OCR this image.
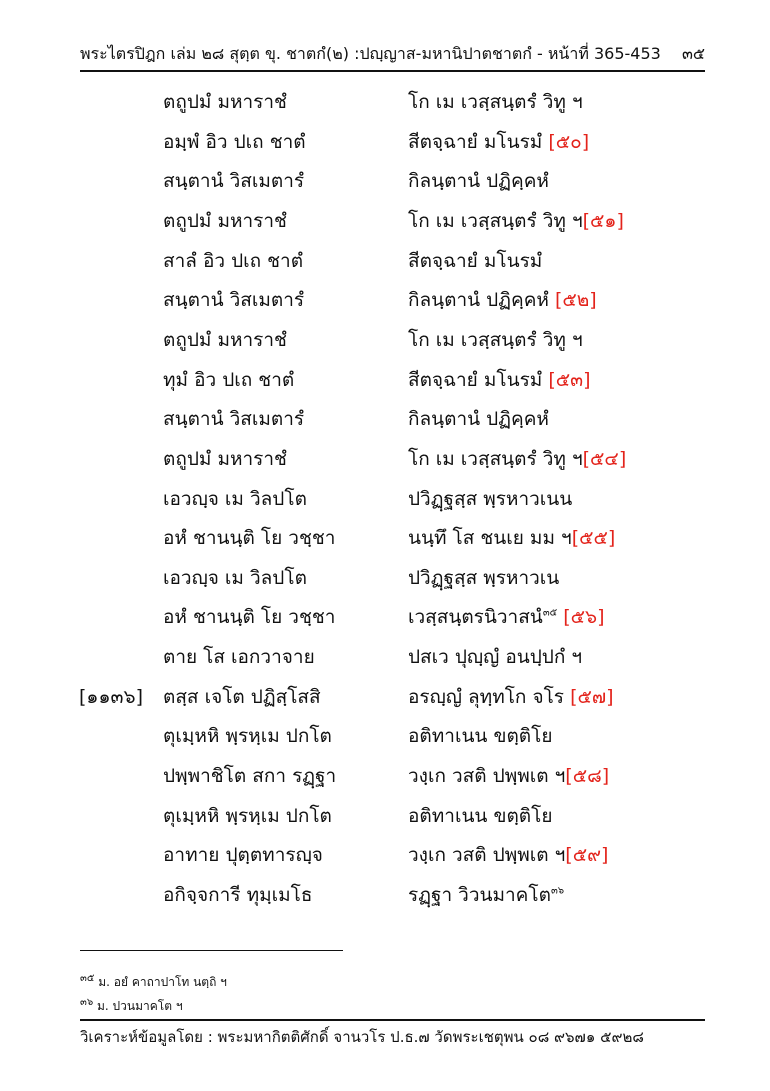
พระไตรปิฎก เล่ม ๒๘ สุตฺต ขุ. ชาตกํ(๒) :ปญฺญาส-มหานิปาตชาตกํ - หน้าที่ 365-453 ๓๕
ตถูปมํ มหาราชํ	โก เม เวสฺสนฺตรํ วิทู ฯ
อมฺพํ อิว ปเถ ชาตํ	สีตจฺฉายํ มโนรมํ [๕๐]
สนฺตานํ วิสเมตารํ	กิลนฺตานํ ปฏิคฺคหํ
ตถูปมํ มหาราชํ	โก เม เวสฺสนฺตรํ วิทู ฯ[๕๑]
สาลํ อิว ปเถ ชาตํ	สีตจฺฉายํ มโนรมํ
สนฺตานํ วิสเมตารํ	กิลนฺตานํ ปฏิคฺคหํ [๕๒]
ตถูปมํ มหาราชํ	โก เม เวสฺสนฺตรํ วิทู ฯ
ทุมํ อิว ปเถ ชาตํ	สีตจฺฉายํ มโนรมํ [๕๓]
สนฺตานํ วิสเมตารํ	กิลนฺตานํ ปฏิคฺคหํ
ตถูปมํ มหาราชํ	โก เม เวสฺสนฺตรํ วิทู ฯ[๕๔]
เอวญฺจ เม วิลปโต	ปวิฏฺฐสฺส พฺรหาวเนน
อหํ ชานนฺติ โย วชฺชา	นนฺทึ โส ชนเย มม ฯ[๕๕]
เอวญฺจ เม วิลปโต	ปวิฏฺฐสฺส พฺรหาวเน
อหํ ชานนฺติ โย วชฺชา	เวสฺสนฺตรนิวาสนํ$^{๓๕}$ [๕๖]
ตาย โส เอกวาจาย	ปสเว ปุญฺญํ อนปฺปกํ ฯ
[๑๑๓๖] ตสฺส เจโต ปฏิสฺโสสิ	อรญฺญํ ลุทฺทโก จโร [๕๗]
ตุเมฺหหิ พฺรหฺเม ปกโต	อติทาเนน ขตฺติโย
ปพฺพาชิโต สกา รฏฺฐา	วงฺเก วสติ ปพฺพเต ฯ[๕๘]
ตุเมฺหหิ พฺรหฺเม ปกโต	อติทาเนน ขตฺติโย
อาทาย ปุตฺตทารญฺจ	วงฺเก วสติ ปพฺพเต ฯ[๕๙]
อกิจฺจการี ทุมฺเมโธ	รฏฺฐา วิวนมาคโต$^{๓๖}$
$^{๓๕}$ ม. อยํ คาถาปาโท นตฺถิ ฯ
$^{๓๖}$ ม. ปวนมาคโต ฯ
วิเคราะห์ข้อมูลโดย : พระมหากิตติศักดิ์ จานวโร ป.ธ.๗ วัดพระเชตุพน ๐๘ ๙๖๗๑ ๕๙๒๘
